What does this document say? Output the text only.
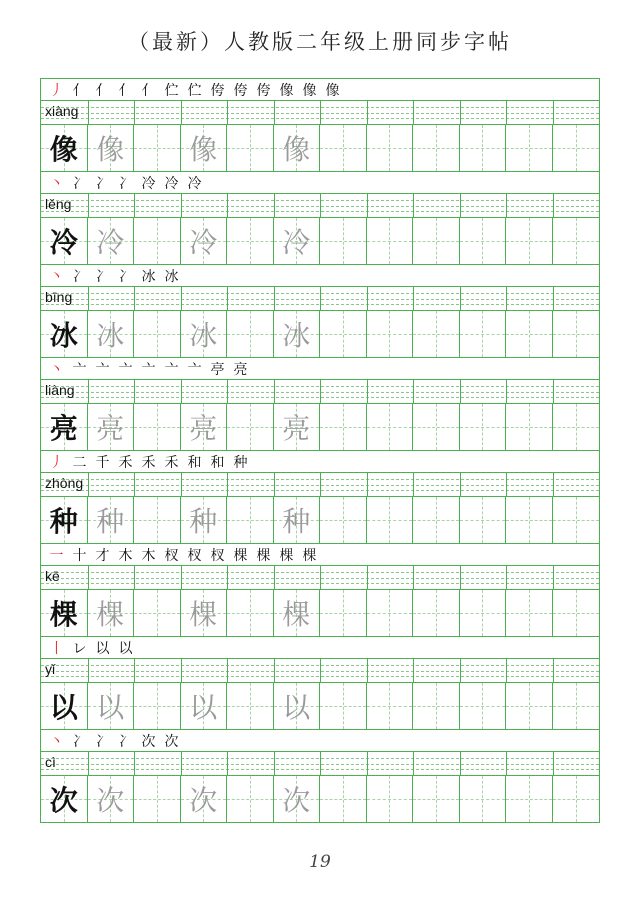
（最新）人教版二年级上册同步字帖
丿 亻 亻 亻 亻 伫 伫 侉 侉 侉 像 像 像
xiàng
像 像	像	像
丶 冫 冫 冫 冷 冷 冷
lěng
冷 冷	冷	冷
丶 冫 冫 冫 冰 冰
bīng
冰 冰	冰	冰
丶 亠 亠 亠 亠 亠 亠 亭 亮
liàng
亮 亮	亮	亮
丿 二 千 禾 禾 禾 和 和 种
zhòng
种 种	种	种
一 十 才 木 木 杈 杈 杈 棵 棵 棵 棵
kē
棵 棵	棵	棵
丨 レ 以 以
yǐ
以 以	以	以
丶 冫 冫 冫 次 次
cì
次 次	次	次
19
